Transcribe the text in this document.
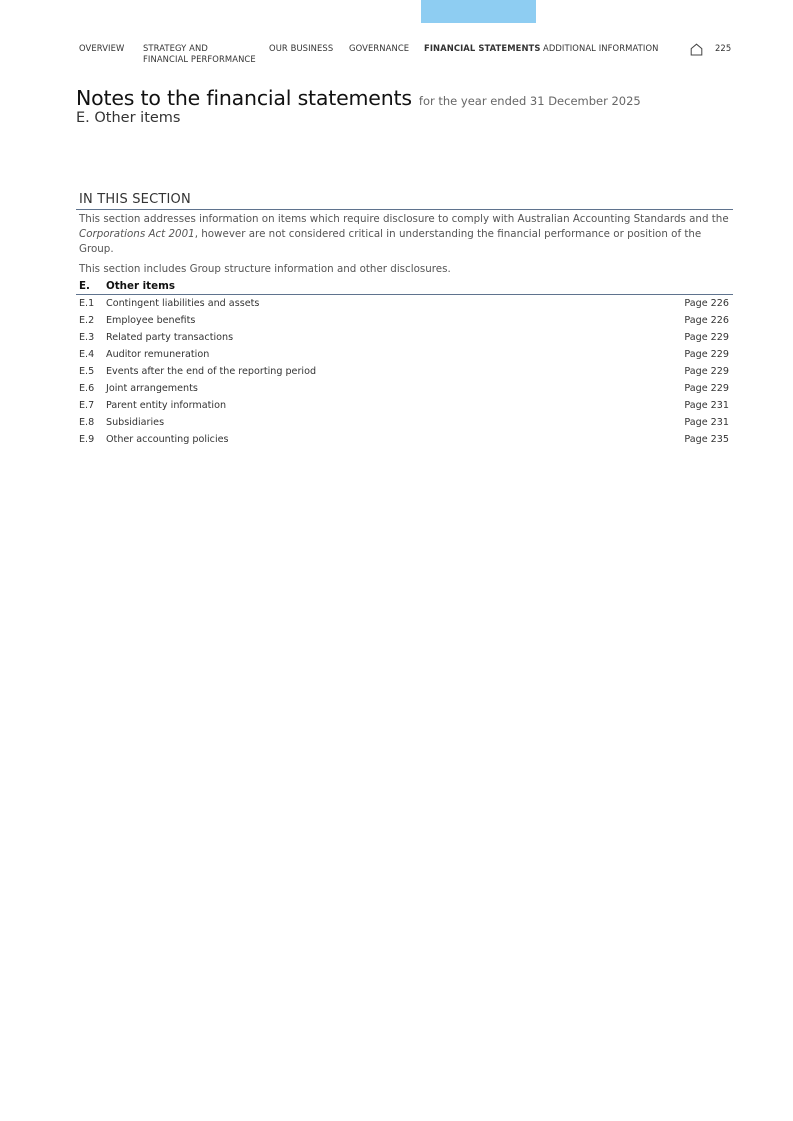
OVERVIEW STRATEGY AND
FINANCIAL PERFORMANCE
OUR BUSINESS GOVERNANCE FINANCIAL STATEMENTS ADDITIONAL INFORMATION	225
Notes to the financial statements for the year ended 31 December 2025
E. Other items
IN THIS SECTION

This section addresses information on items which require disclosure to comply with Australian Accounting Standards and the Corporations Act 2001, however are not considered critical in understanding the financial performance or position of the Group.

This section includes Group structure information and other disclosures.

E. Other items
E.1 Contingent liabilities and assets	Page 226
E.2 Employee benefits	Page 226
E.3 Related party transactions	Page 229
E.4 Auditor remuneration	Page 229
E.5 Events after the end of the reporting period	Page 229
E.6 Joint arrangements	Page 229
E.7 Parent entity information	Page 231
E.8 Subsidiaries	Page 231
E.9 Other accounting policies	Page 235
